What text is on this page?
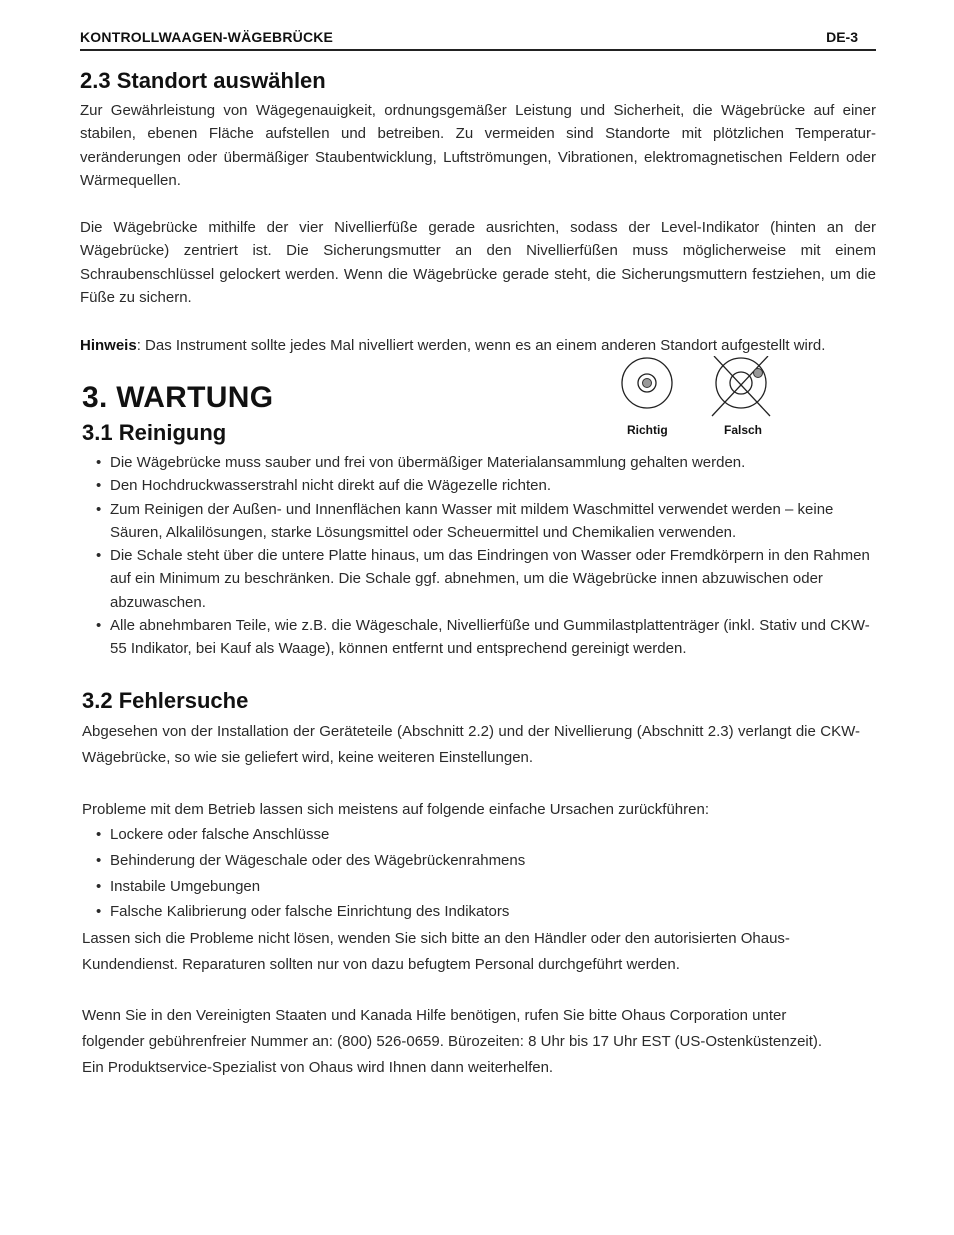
KONTROLLWAAGEN-WÄGEBRÜCKE	DE-3
2.3 Standort auswählen

Zur Gewährleistung von Wägegenauigkeit, ordnungsgemäßer Leistung und Sicherheit, die Wägebrücke auf einer stabilen, ebenen Fläche aufstellen und betreiben. Zu vermeiden sind Standorte mit plötzlichen Temperatur-veränderungen oder übermäßiger Staubentwicklung, Luftströmungen, Vibrationen, elektromagnetischen Feldern oder Wärmequellen.

Die Wägebrücke mithilfe der vier Nivellierfüße gerade ausrichten, sodass der Level-Indikator (hinten an der Wägebrücke) zentriert ist. Die Sicherungsmutter an den Nivellierfüßen muss möglicherweise mit einem Schraubenschlüssel gelockert werden. Wenn die Wägebrücke gerade steht, die Sicherungsmuttern festziehen, um die Füße zu sichern.

Hinweis: Das Instrument sollte jedes Mal nivelliert werden, wenn es an einem anderen Standort aufgestellt wird.

Richtig	Falsch
3. WARTUNG
3.1 Reinigung
• Die Wägebrücke muss sauber und frei von übermäßiger Materialansammlung gehalten werden.
• Den Hochdruckwasserstrahl nicht direkt auf die Wägezelle richten.
• Zum Reinigen der Außen- und Innenflächen kann Wasser mit mildem Waschmittel verwendet werden – keine Säuren, Alkalilösungen, starke Lösungsmittel oder Scheuermittel und Chemikalien verwenden.
• Die Schale steht über die untere Platte hinaus, um das Eindringen von Wasser oder Fremdkörpern in den Rahmen auf ein Minimum zu beschränken. Die Schale ggf. abnehmen, um die Wägebrücke innen abzuwischen oder abzuwaschen.
• Alle abnehmbaren Teile, wie z.B. die Wägeschale, Nivellierfüße und Gummilastplattenträger (inkl. Stativ und CKW-55 Indikator, bei Kauf als Waage), können entfernt und entsprechend gereinigt werden.
3.2 Fehlersuche

Abgesehen von der Installation der Geräteteile (Abschnitt 2.2) und der Nivellierung (Abschnitt 2.3) verlangt die CKW-Wägebrücke, so wie sie geliefert wird, keine weiteren Einstellungen.

Probleme mit dem Betrieb lassen sich meistens auf folgende einfache Ursachen zurückführen:

• Lockere oder falsche Anschlüsse
• Behinderung der Wägeschale oder des Wägebrückenrahmens
• Instabile Umgebungen
• Falsche Kalibrierung oder falsche Einrichtung des Indikators
Lassen sich die Probleme nicht lösen, wenden Sie sich bitte an den Händler oder den autorisierten Ohaus-
Kundendienst. Reparaturen sollten nur von dazu befugtem Personal durchgeführt werden.
Wenn Sie in den Vereinigten Staaten und Kanada Hilfe benötigen, rufen Sie bitte Ohaus Corporation unter
folgender gebührenfreier Nummer an: (800) 526-0659. Bürozeiten: 8 Uhr bis 17 Uhr EST (US-Ostenküstenzeit).
Ein Produktservice-Spezialist von Ohaus wird Ihnen dann weiterhelfen.
